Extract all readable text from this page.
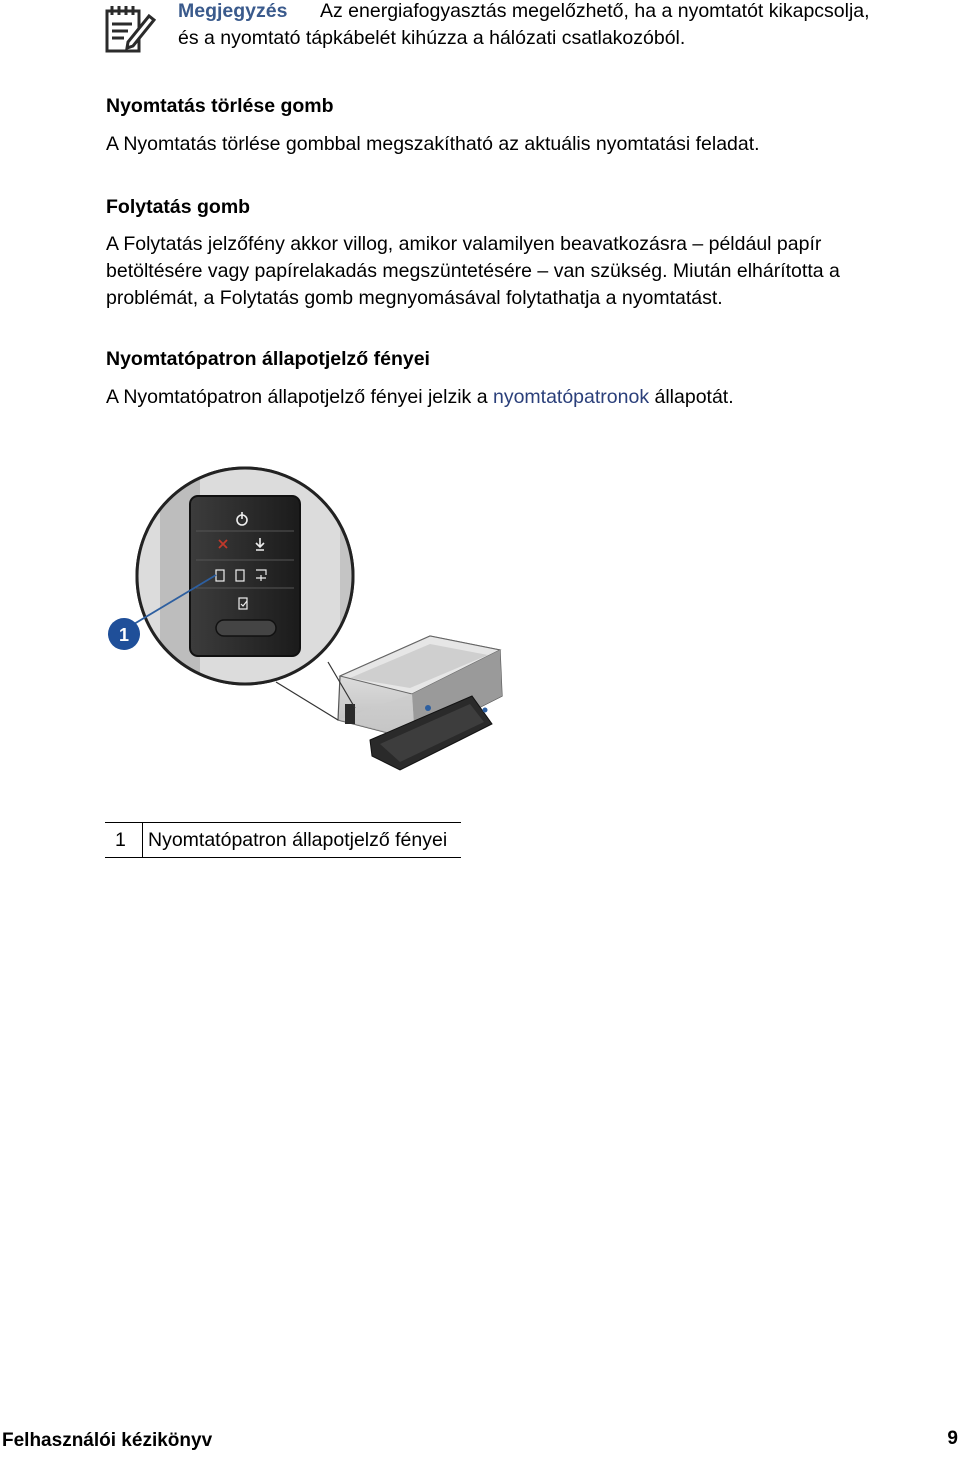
Megjegyzés Az energiafogyasztás megelőzhető, ha a nyomtatót kikapcsolja,
és a nyomtató tápkábelét kihúzza a hálózati csatlakozóból.
Nyomtatás törlése gomb
A Nyomtatás törlése gombbal megszakítható az aktuális nyomtatási feladat.
Folytatás gomb
A Folytatás jelzőfény akkor villog, amikor valamilyen beavatkozásra – például papír
betöltésére vagy papírelakadás megszüntetésére – van szükség. Miután elhárította a
problémát, a Folytatás gomb megnyomásával folytathatja a nyomtatást.
Nyomtatópatron állapotjelző fényei
A Nyomtatópatron állapotjelző fényei jelzik a nyomtatópatronok állapotát.
1
1 Nyomtatópatron állapotjelző fényei
Felhasználói kézikönyv	9
